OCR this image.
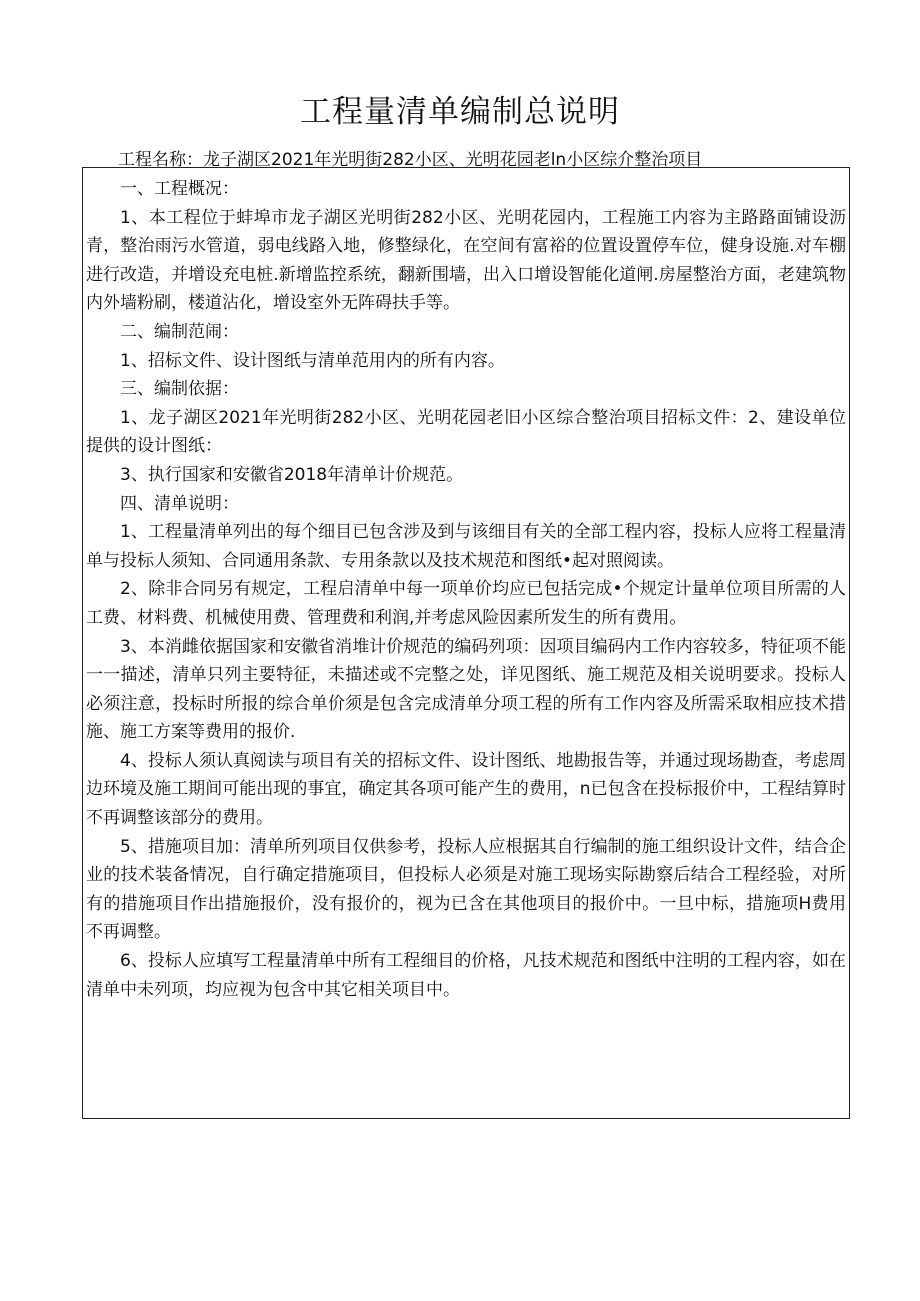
工程量清单编制总说明
工程名称：龙子湖区2021年光明街282小区、光明花园老ln小区综介整治项目

一、工程概况：

1、本工程位于蚌埠市龙子湖区光明街282小区、光明花园内，工程施工内容为主路路面铺设沥青，整治雨污水管道，弱电线路入地，修整绿化，在空间有富裕的位置设置停车位，健身设施.对车棚进行改造，并增设充电桩.新增监控系统，翻新围墙，出入口增设智能化道闸.房屋整治方面，老建筑物内外墙粉刷，楼道沾化，增设室外无阵碍扶手等。

二、编制范闹：

1、招标文件、设计图纸与清单范用内的所有内容。

三、编制依据：

1、龙子湖区2021年光明街282小区、光明花园老旧小区综合整治项目招标文件：2、建设单位提供的设计图纸：

3、执行国家和安徽省2018年清单计价规范。

四、清单说明：

1、工程量清单列出的每个细目已包含涉及到与该细目有关的全部工程内容，投标人应将工程量清单与投标人须知、合同通用条款、专用条款以及技术规范和图纸•起对照阅读。

2、除非合同另有规定，工程启清单中每一项单价均应已包括完成•个规定计量单位项目所需的人工费、材料费、机械使用费、管理费和利润,并考虑风险因素所发生的所有费用。

3、本消雌依据国家和安徽省消堆计价规范的编码列项：因项目编码内工作内容较多，特征项不能一一描述，清单只列主要特征，未描述或不完整之处，详见图纸、施工规范及相关说明要求。投标人必须注意，投标时所报的综合单价须是包含完成清单分项工程的所有工作内容及所需采取相应技术措施、施工方案等费用的报价.

4、投标人须认真阅读与项目有关的招标文件、设计图纸、地勘报告等，并通过现场勘查，考虑周边环境及施工期间可能出现的事宜，确定其各项可能产生的费用，n已包含在投标报价中，工程结算时不再调整该部分的费用。

5、措施项目加：清单所列项目仅供参考，投标人应根据其自行编制的施工组织设计文件，结合企业的技术装备情况，自行确定措施项目，但投标人必须是对施工现场实际勘察后结合工程经验，对所有的措施项目作出措施报价，没有报价的，视为已含在其他项目的报价中。一旦中标，措施项H费用不再调整。

6、投标人应填写工程量清单中所有工程细目的价格，凡技术规范和图纸中注明的工程内容，如在清单中未列项，均应视为包含中其它相关项目中。
